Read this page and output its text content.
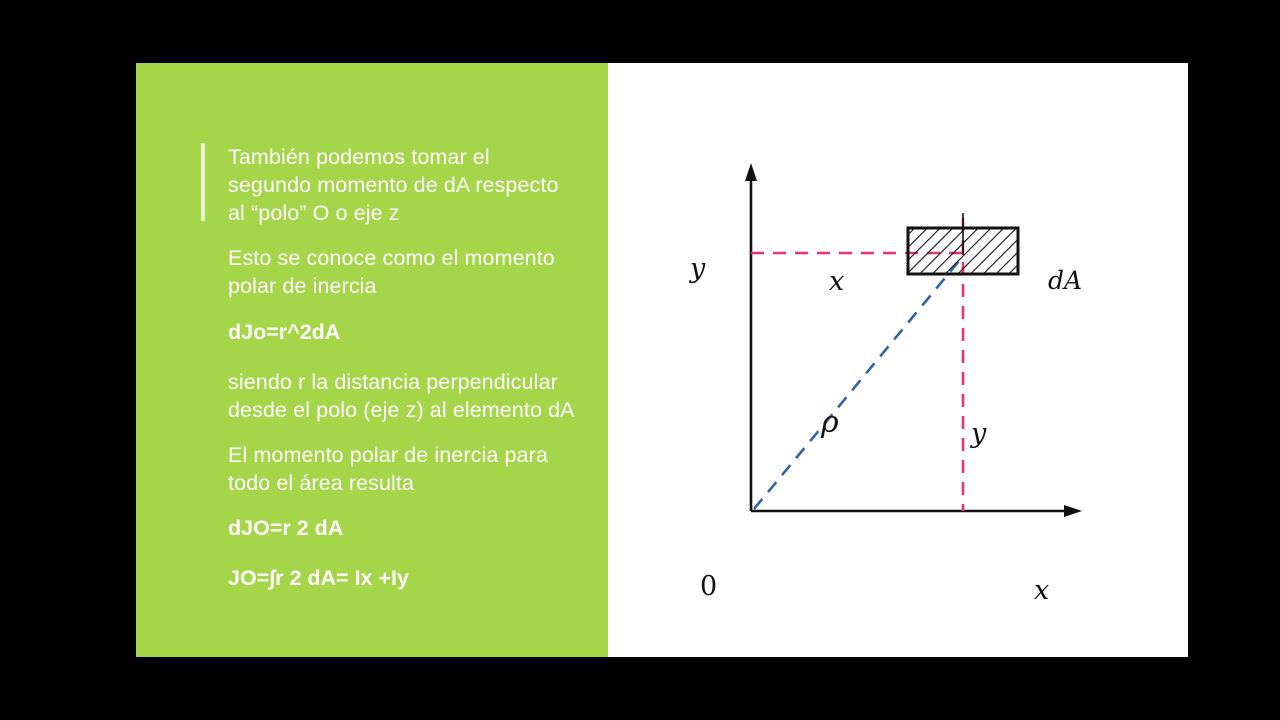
También podemos tomar el segundo momento de dA respecto al “polo” O o eje z

Esto se conoce como el momento polar de inercia

dJo=r^2dA

siendo r la distancia perpendicular desde el polo (eje z) al elemento dA

El momento polar de inercia para todo el área resulta

dJO=r 2 dA

JO=∫r 2 dA= Ix +Iy

y
x
0
x
y
dA
ρ
